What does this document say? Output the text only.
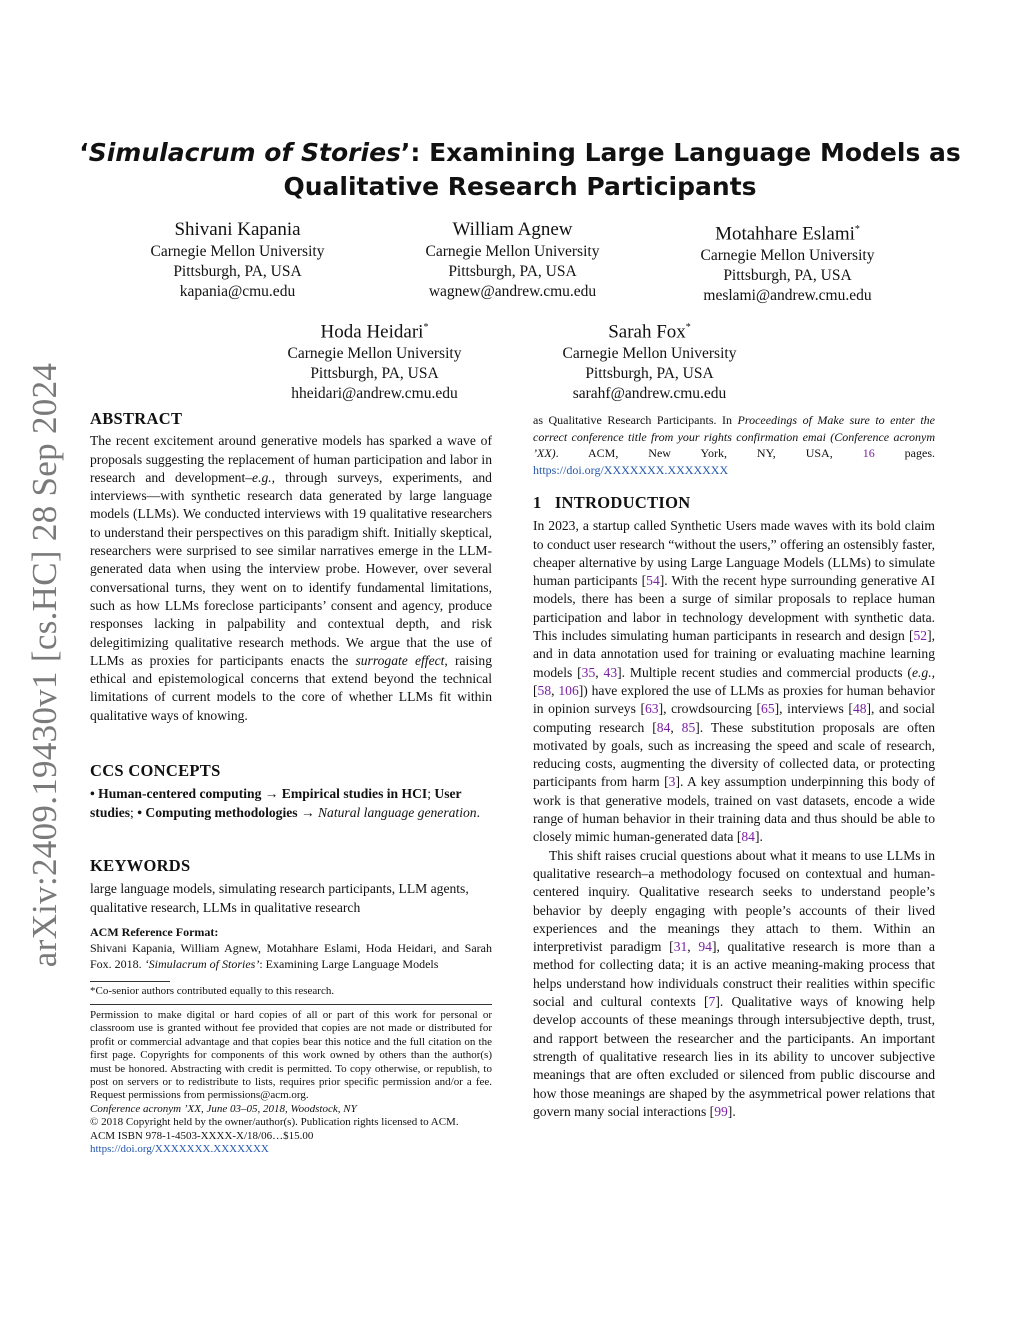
arXiv:2409.19430v1 [cs.HC] 28 Sep 2024
‘Simulacrum of Stories’: Examining Large Language Models as Qualitative Research Participants
Shivani Kapania
Carnegie Mellon University
Pittsburgh, PA, USA
kapania@cmu.edu
William Agnew
Carnegie Mellon University
Pittsburgh, PA, USA
wagnew@andrew.cmu.edu
Motahhare Eslami*
Carnegie Mellon University
Pittsburgh, PA, USA
meslami@andrew.cmu.edu
Hoda Heidari*
Carnegie Mellon University
Pittsburgh, PA, USA
hheidari@andrew.cmu.edu
Sarah Fox*
Carnegie Mellon University
Pittsburgh, PA, USA
sarahf@andrew.cmu.edu
ABSTRACT

The recent excitement around generative models has sparked a wave of proposals suggesting the replacement of human participation and labor in research and development–e.g., through surveys, experiments, and interviews—with synthetic research data generated by large language models (LLMs). We conducted interviews with 19 qualitative researchers to understand their perspectives on this paradigm shift. Initially skeptical, researchers were surprised to see similar narratives emerge in the LLM-generated data when using the interview probe. However, over several conversational turns, they went on to identify fundamental limitations, such as how LLMs foreclose participants’ consent and agency, produce responses lacking in palpability and contextual depth, and risk delegitimizing qualitative research methods. We argue that the use of LLMs as proxies for participants enacts the surrogate effect, raising ethical and epistemological concerns that extend beyond the technical limitations of current models to the core of whether LLMs fit within qualitative ways of knowing.

CCS CONCEPTS

• Human-centered computing → Empirical studies in HCI; User studies; • Computing methodologies → Natural language generation.

KEYWORDS

large language models, simulating research participants, LLM agents, qualitative research, LLMs in qualitative research

ACM Reference Format:

Shivani Kapania, William Agnew, Motahhare Eslami, Hoda Heidari, and Sarah Fox. 2018. ‘Simulacrum of Stories’: Examining Large Language Models

*Co-senior authors contributed equally to this research.

Permission to make digital or hard copies of all or part of this work for personal or classroom use is granted without fee provided that copies are not made or distributed for profit or commercial advantage and that copies bear this notice and the full citation on the first page. Copyrights for components of this work owned by others than the author(s) must be honored. Abstracting with credit is permitted. To copy otherwise, or republish, to post on servers or to redistribute to lists, requires prior specific permission and/or a fee. Request permissions from permissions@acm.org.

Conference acronym ’XX, June 03–05, 2018, Woodstock, NY

© 2018 Copyright held by the owner/author(s). Publication rights licensed to ACM.

ACM ISBN 978-1-4503-XXXX-X/18/06…$15.00

https://doi.org/XXXXXXX.XXXXXXX

as Qualitative Research Participants. In Proceedings of Make sure to enter the correct conference title from your rights confirmation emai (Conference acronym ’XX). ACM, New York, NY, USA, 16 pages. https://doi.org/XXXXXXX.XXXXXXX

1   INTRODUCTION

In 2023, a startup called Synthetic Users made waves with its bold claim to conduct user research “without the users,” offering an ostensibly faster, cheaper alternative by using Large Language Models (LLMs) to simulate human participants [54]. With the recent hype surrounding generative AI models, there has been a surge of similar proposals to replace human participation and labor in technology development with synthetic data. This includes simulating human participants in research and design [52], and in data annotation used for training or evaluating machine learning models [35, 43]. Multiple recent studies and commercial products (e.g., [58, 106]) have explored the use of LLMs as proxies for human behavior in opinion surveys [63], crowdsourcing [65], interviews [48], and social computing research [84, 85]. These substitution proposals are often motivated by goals, such as increasing the speed and scale of research, reducing costs, augmenting the diversity of collected data, or protecting participants from harm [3]. A key assumption underpinning this body of work is that generative models, trained on vast datasets, encode a wide range of human behavior in their training data and thus should be able to closely mimic human-generated data [84].

This shift raises crucial questions about what it means to use LLMs in qualitative research–a methodology focused on contextual and human-centered inquiry. Qualitative research seeks to understand people’s behavior by deeply engaging with people’s accounts of their lived experiences and the meanings they attach to them. Within an interpretivist paradigm [31, 94], qualitative research is more than a method for collecting data; it is an active meaning-making process that helps understand how individuals construct their realities within specific social and cultural contexts [7]. Qualitative ways of knowing help develop accounts of these meanings through intersubjective depth, trust, and rapport between the researcher and the participants. An important strength of qualitative research lies in its ability to uncover subjective meanings that are often excluded or silenced from public discourse and how those meanings are shaped by the asymmetrical power relations that govern many social interactions [99].
